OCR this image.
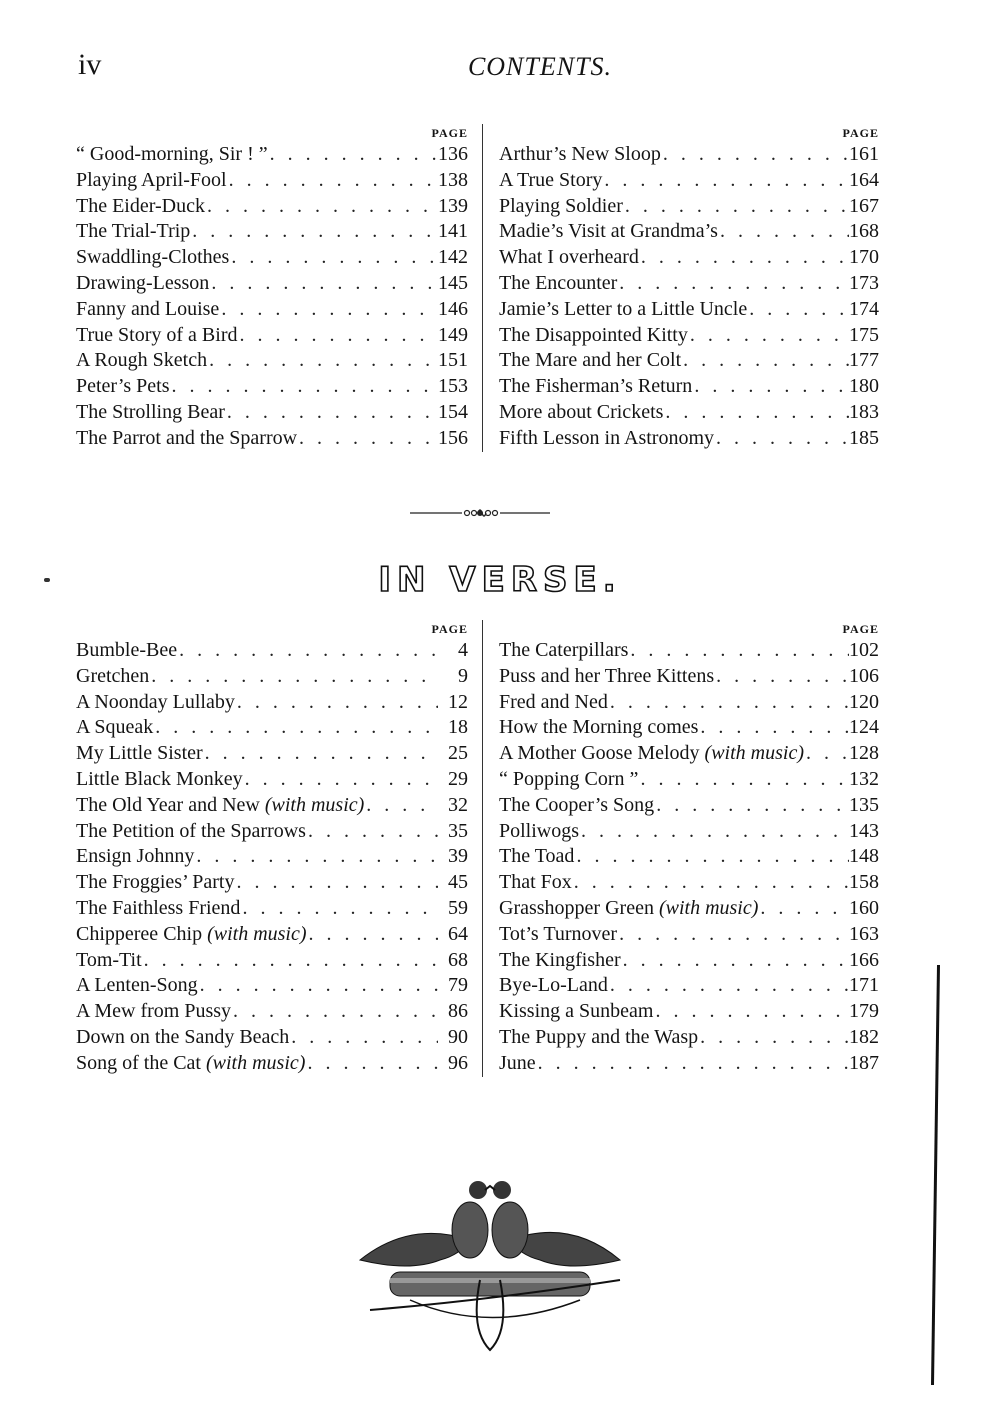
iv	CONTENTS.
PAGE
“ Good-morning, Sir ! ” . . .	136
Playing April-Fool . . .	138
The Eider-Duck . . .	139
The Trial-Trip . . .	141
Swaddling-Clothes . . .	142
Drawing-Lesson . . .	145
Fanny and Louise . . .	146
True Story of a Bird . . .	149
A Rough Sketch . . .	151
Peter’s Pets . . .	153
The Strolling Bear . . .	154
The Parrot and the Sparrow . . .	156
PAGE
Arthur’s New Sloop . . .	161
A True Story . . .	164
Playing Soldier . . .	167
Madie’s Visit at Grandma’s . . .	168
What I overheard . . .	170
The Encounter . . .	173
Jamie’s Letter to a Little Uncle . . .	174
The Disappointed Kitty . . .	175
The Mare and her Colt . . .	177
The Fisherman’s Return . . .	180
More about Crickets . . .	183
Fifth Lesson in Astronomy . . .	185
IN VERSE.
PAGE
Bumble-Bee . . .	4
Gretchen . . .	9
A Noonday Lullaby . . .	12
A Squeak . . .	18
My Little Sister . . .	25
Little Black Monkey . . .	29
The Old Year and New (with music) . . .	32
The Petition of the Sparrows . . .	35
Ensign Johnny . . .	39
The Froggies’ Party . . .	45
The Faithless Friend . . .	59
Chipperee Chip (with music) . . .	64
Tom-Tit . . .	68
A Lenten-Song . . .	79
A Mew from Pussy . . .	86
Down on the Sandy Beach . . .	90
Song of the Cat (with music) . . .	96
PAGE
The Caterpillars . . .	102
Puss and her Three Kittens . . .	106
Fred and Ned . . .	120
How the Morning comes . . .	124
A Mother Goose Melody (with music) . . . 128
“ Popping Corn ” . . .	132
The Cooper’s Song . . .	135
Polliwogs . . .	143
The Toad . . .	148
That Fox . . .	158
Grasshopper Green (with music) . . .	160
Tot’s Turnover . . .	163
The Kingfisher . . .	166
Bye-Lo-Land . . .	171
Kissing a Sunbeam . . .	179
The Puppy and the Wasp . . .	182
June . . .	187
